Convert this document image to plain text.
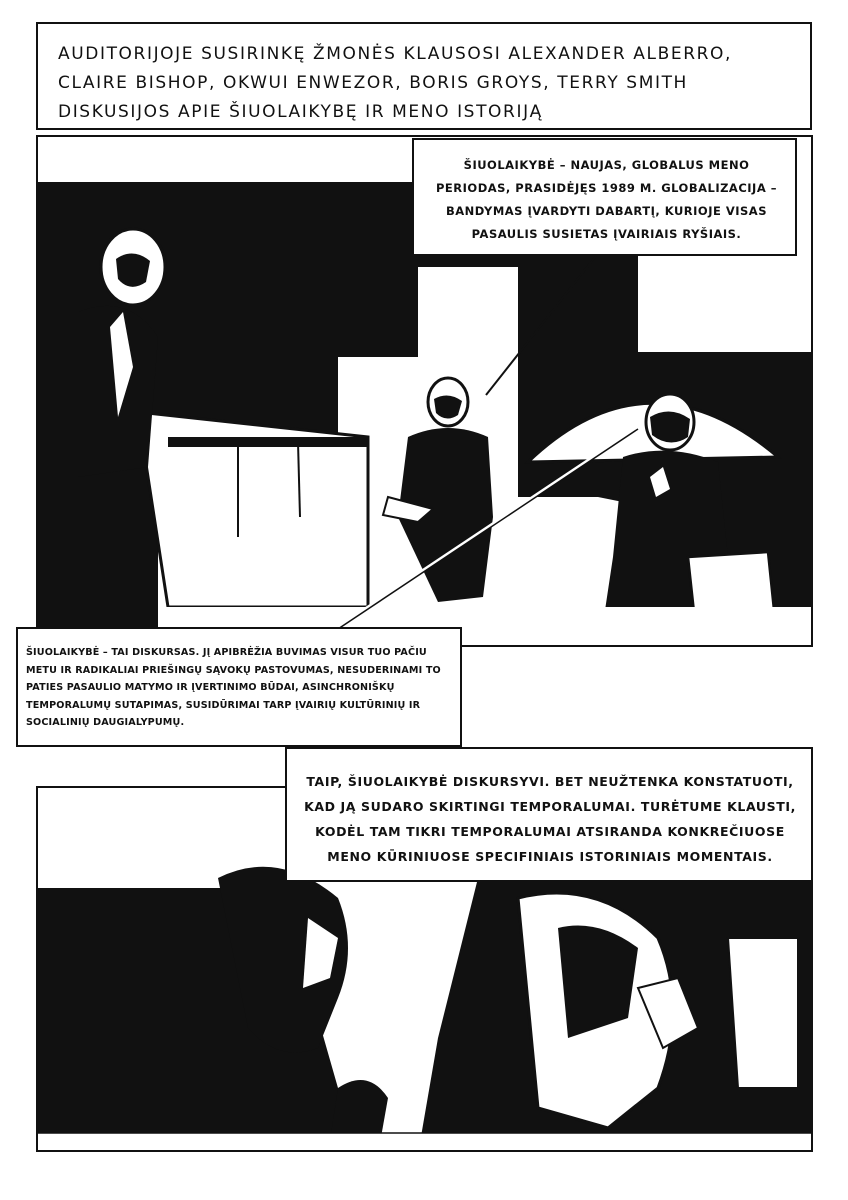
AUDITORIJOJE SUSIRINKĘ ŽMONĖS KLAUSOSI ALEXANDER ALBERRO, CLAIRE BISHOP, OKWUI ENWEZOR, BORIS GROYS, TERRY SMITH DISKUSIJOS APIE ŠIUOLAIKYBĘ IR MENO ISTORIJĄ
ŠIUOLAIKYBĖ – NAUJAS, GLOBALUS MENO PERIODAS, PRASIDĖJĘS 1989 M. GLOBALIZACIJA – BANDYMAS ĮVARDYTI DABARTĮ, KURIOJE VISAS PASAULIS SUSIETAS ĮVAIRIAIS RYŠIAIS.
ŠIUOLAIKYBĖ – TAI DISKURSAS. JĮ APIBRĖŽIA BUVIMAS VISUR TUO PAČIU METU IR RADIKALIAI PRIEŠINGŲ SĄVOKŲ PASTOVUMAS, NESUDERINAMI TO PATIES PASAULIO MATYMO IR ĮVERTINIMO BŪDAI, ASINCHRONIŠKŲ TEMPORALUMŲ SUTAPIMAS, SUSIDŪRIMAI TARP ĮVAIRIŲ KULTŪRINIŲ IR SOCIALINIŲ DAUGIALYPUMŲ.
TAIP, ŠIUOLAIKYBĖ DISKURSYVI. BET NEUŽTENKA KONSTATUOTI, KAD JĄ SUDARO SKIRTINGI TEMPORALUMAI. TURĖTUME KLAUSTI, KODĖL TAM TIKRI TEMPORALUMAI ATSIRANDA KONKREČIUOSE MENO KŪRINIUOSE SPECIFINIAIS ISTORINIAIS MOMENTAIS.
